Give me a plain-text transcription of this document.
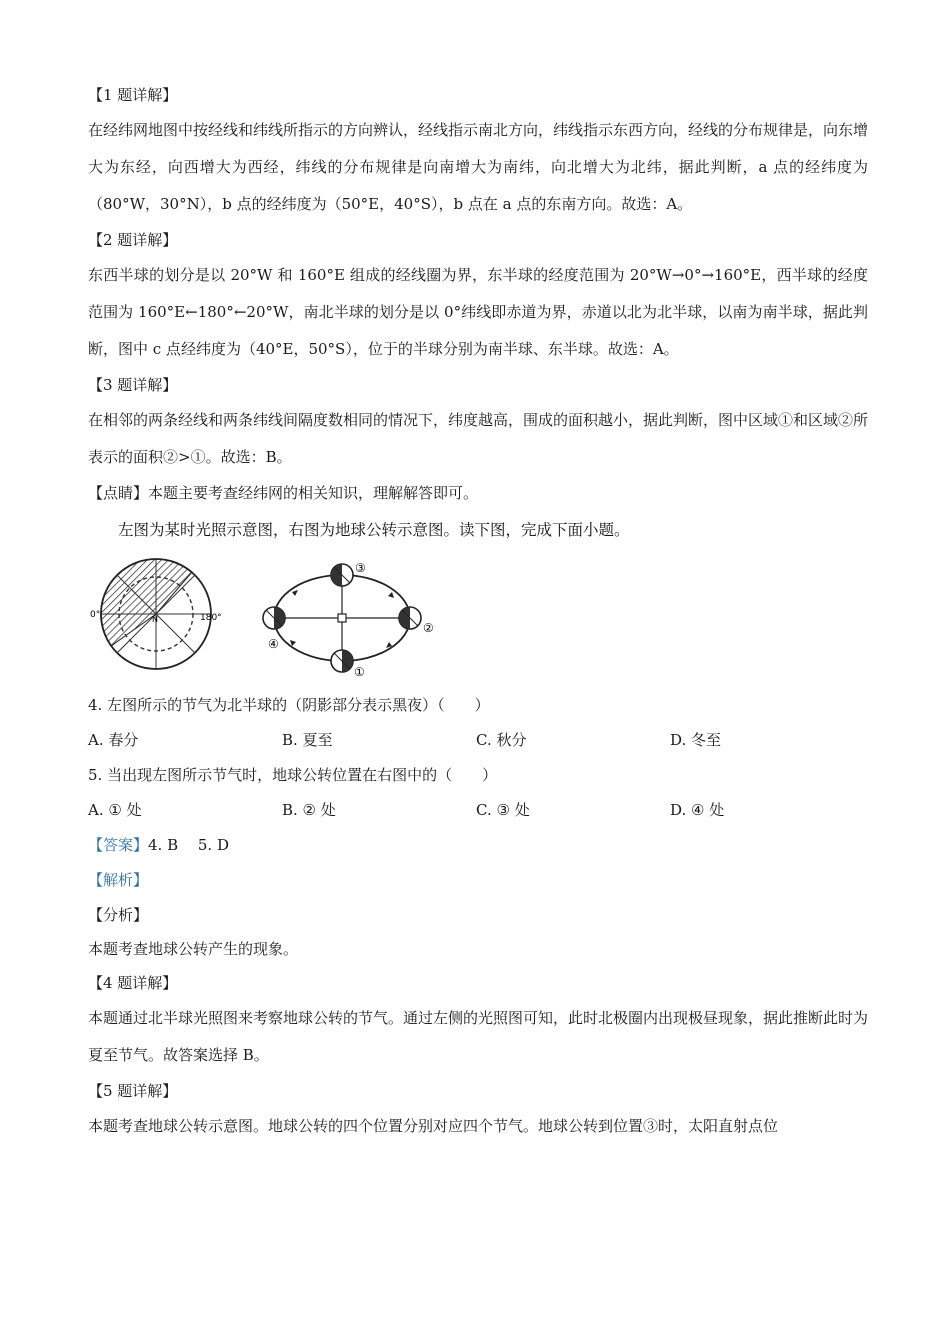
【1 题详解】

在经纬网地图中按经线和纬线所指示的方向辨认，经线指示南北方向，纬线指示东西方向，经线的分布规律是，向东增大为东经，向西增大为西经，纬线的分布规律是向南增大为南纬，向北增大为北纬，据此判断，a 点的经纬度为（80°W，30°N），b 点的经纬度为（50°E，40°S），b 点在 a 点的东南方向。故选：A。

【2 题详解】

东西半球的划分是以 20°W 和 160°E 组成的经线圈为界，东半球的经度范围为 20°W→0°→160°E，西半球的经度范围为 160°E←180°←20°W，南北半球的划分是以 0°纬线即赤道为界，赤道以北为北半球，以南为南半球，据此判断，图中 c 点经纬度为（40°E，50°S），位于的半球分别为南半球、东半球。故选：A。

【3 题详解】

在相邻的两条经线和两条纬线间隔度数相同的情况下，纬度越高，围成的面积越小，据此判断，图中区域①和区域②所表示的面积②>①。故选：B。

【点睛】本题主要考查经纬网的相关知识，理解解答即可。

左图为某时光照示意图，右图为地球公转示意图。读下图，完成下面小题。

0°	180°
N
③
②
①
④

4. 左图所示的节气为北半球的（阴影部分表示黑夜）（　　）

A. 春分	B. 夏至	C. 秋分	D. 冬至

5. 当出现左图所示节气时，地球公转位置在右图中的（　　）

A. ① 处	B. ② 处	C. ③ 处	D. ④ 处

【答案】4. B　 5. D

【解析】

【分析】

本题考查地球公转产生的现象。

【4 题详解】

本题通过北半球光照图来考察地球公转的节气。通过左侧的光照图可知，此时北极圈内出现极昼现象，据此推断此时为夏至节气。故答案选择 B。

【5 题详解】

本题考查地球公转示意图。地球公转的四个位置分别对应四个节气。地球公转到位置③时，太阳直射点位
